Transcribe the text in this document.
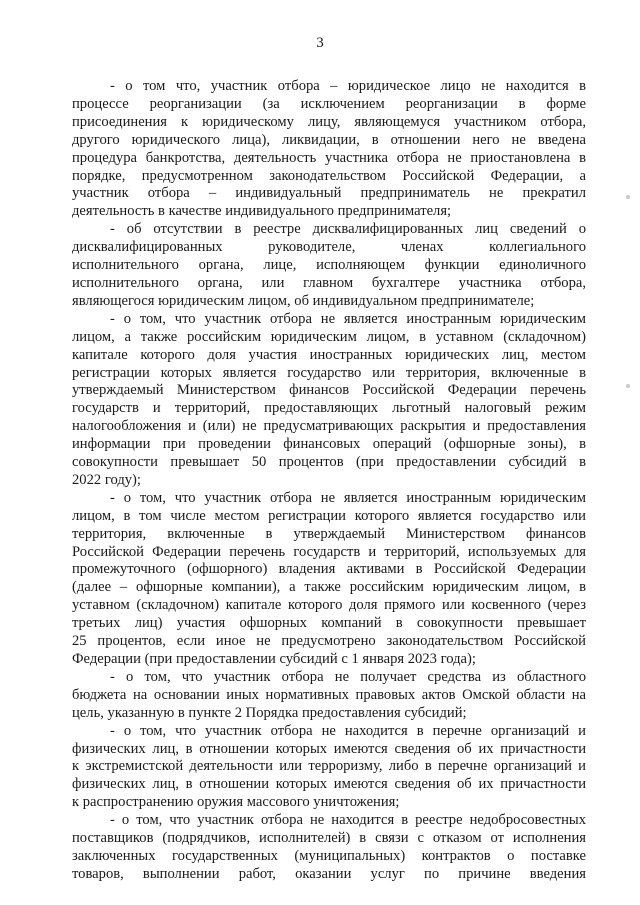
3
- о том что, участник отбора – юридическое лицо не находится в
процессе реорганизации (за исключением реорганизации в форме
присоединения к юридическому лицу, являющемуся участником отбора,
другого юридического лица), ликвидации, в отношении него не введена
процедура банкротства, деятельность участника отбора не приостановлена в
порядке, предусмотренном законодательством Российской Федерации, а
участник отбора – индивидуальный предприниматель не прекратил
деятельность в качестве индивидуального предпринимателя;
- об отсутствии в реестре дисквалифицированных лиц сведений о
дисквалифицированных руководителе, членах коллегиального
исполнительного органа, лице, исполняющем функции единоличного
исполнительного органа, или главном бухгалтере участника отбора,
являющегося юридическим лицом, об индивидуальном предпринимателе;
- о том, что участник отбора не является иностранным юридическим
лицом, а также российским юридическим лицом, в уставном (складочном)
капитале которого доля участия иностранных юридических лиц, местом
регистрации которых является государство или территория, включенные в
утверждаемый Министерством финансов Российской Федерации перечень
государств и территорий, предоставляющих льготный налоговый режим
налогообложения и (или) не предусматривающих раскрытия и предоставления
информации при проведении финансовых операций (офшорные зоны), в
совокупности превышает 50 процентов (при предоставлении субсидий в
2022 году);
- о том, что участник отбора не является иностранным юридическим
лицом, в том числе местом регистрации которого является государство или
территория, включенные в утверждаемый Министерством финансов
Российской Федерации перечень государств и территорий, используемых для
промежуточного (офшорного) владения активами в Российской Федерации
(далее – офшорные компании), а также российским юридическим лицом, в
уставном (складочном) капитале которого доля прямого или косвенного (через
третьих лиц) участия офшорных компаний в совокупности превышает
25 процентов, если иное не предусмотрено законодательством Российской
Федерации (при предоставлении субсидий с 1 января 2023 года);
- о том, что участник отбора не получает средства из областного
бюджета на основании иных нормативных правовых актов Омской области на
цель, указанную в пункте 2 Порядка предоставления субсидий;
- о том, что участник отбора не находится в перечне организаций и
физических лиц, в отношении которых имеются сведения об их причастности
к экстремистской деятельности или терроризму, либо в перечне организаций и
физических лиц, в отношении которых имеются сведения об их причастности
к распространению оружия массового уничтожения;
- о том, что участник отбора не находится в реестре недобросовестных
поставщиков (подрядчиков, исполнителей) в связи с отказом от исполнения
заключенных государственных (муниципальных) контрактов о поставке
товаров, выполнении работ, оказании услуг по причине введения
